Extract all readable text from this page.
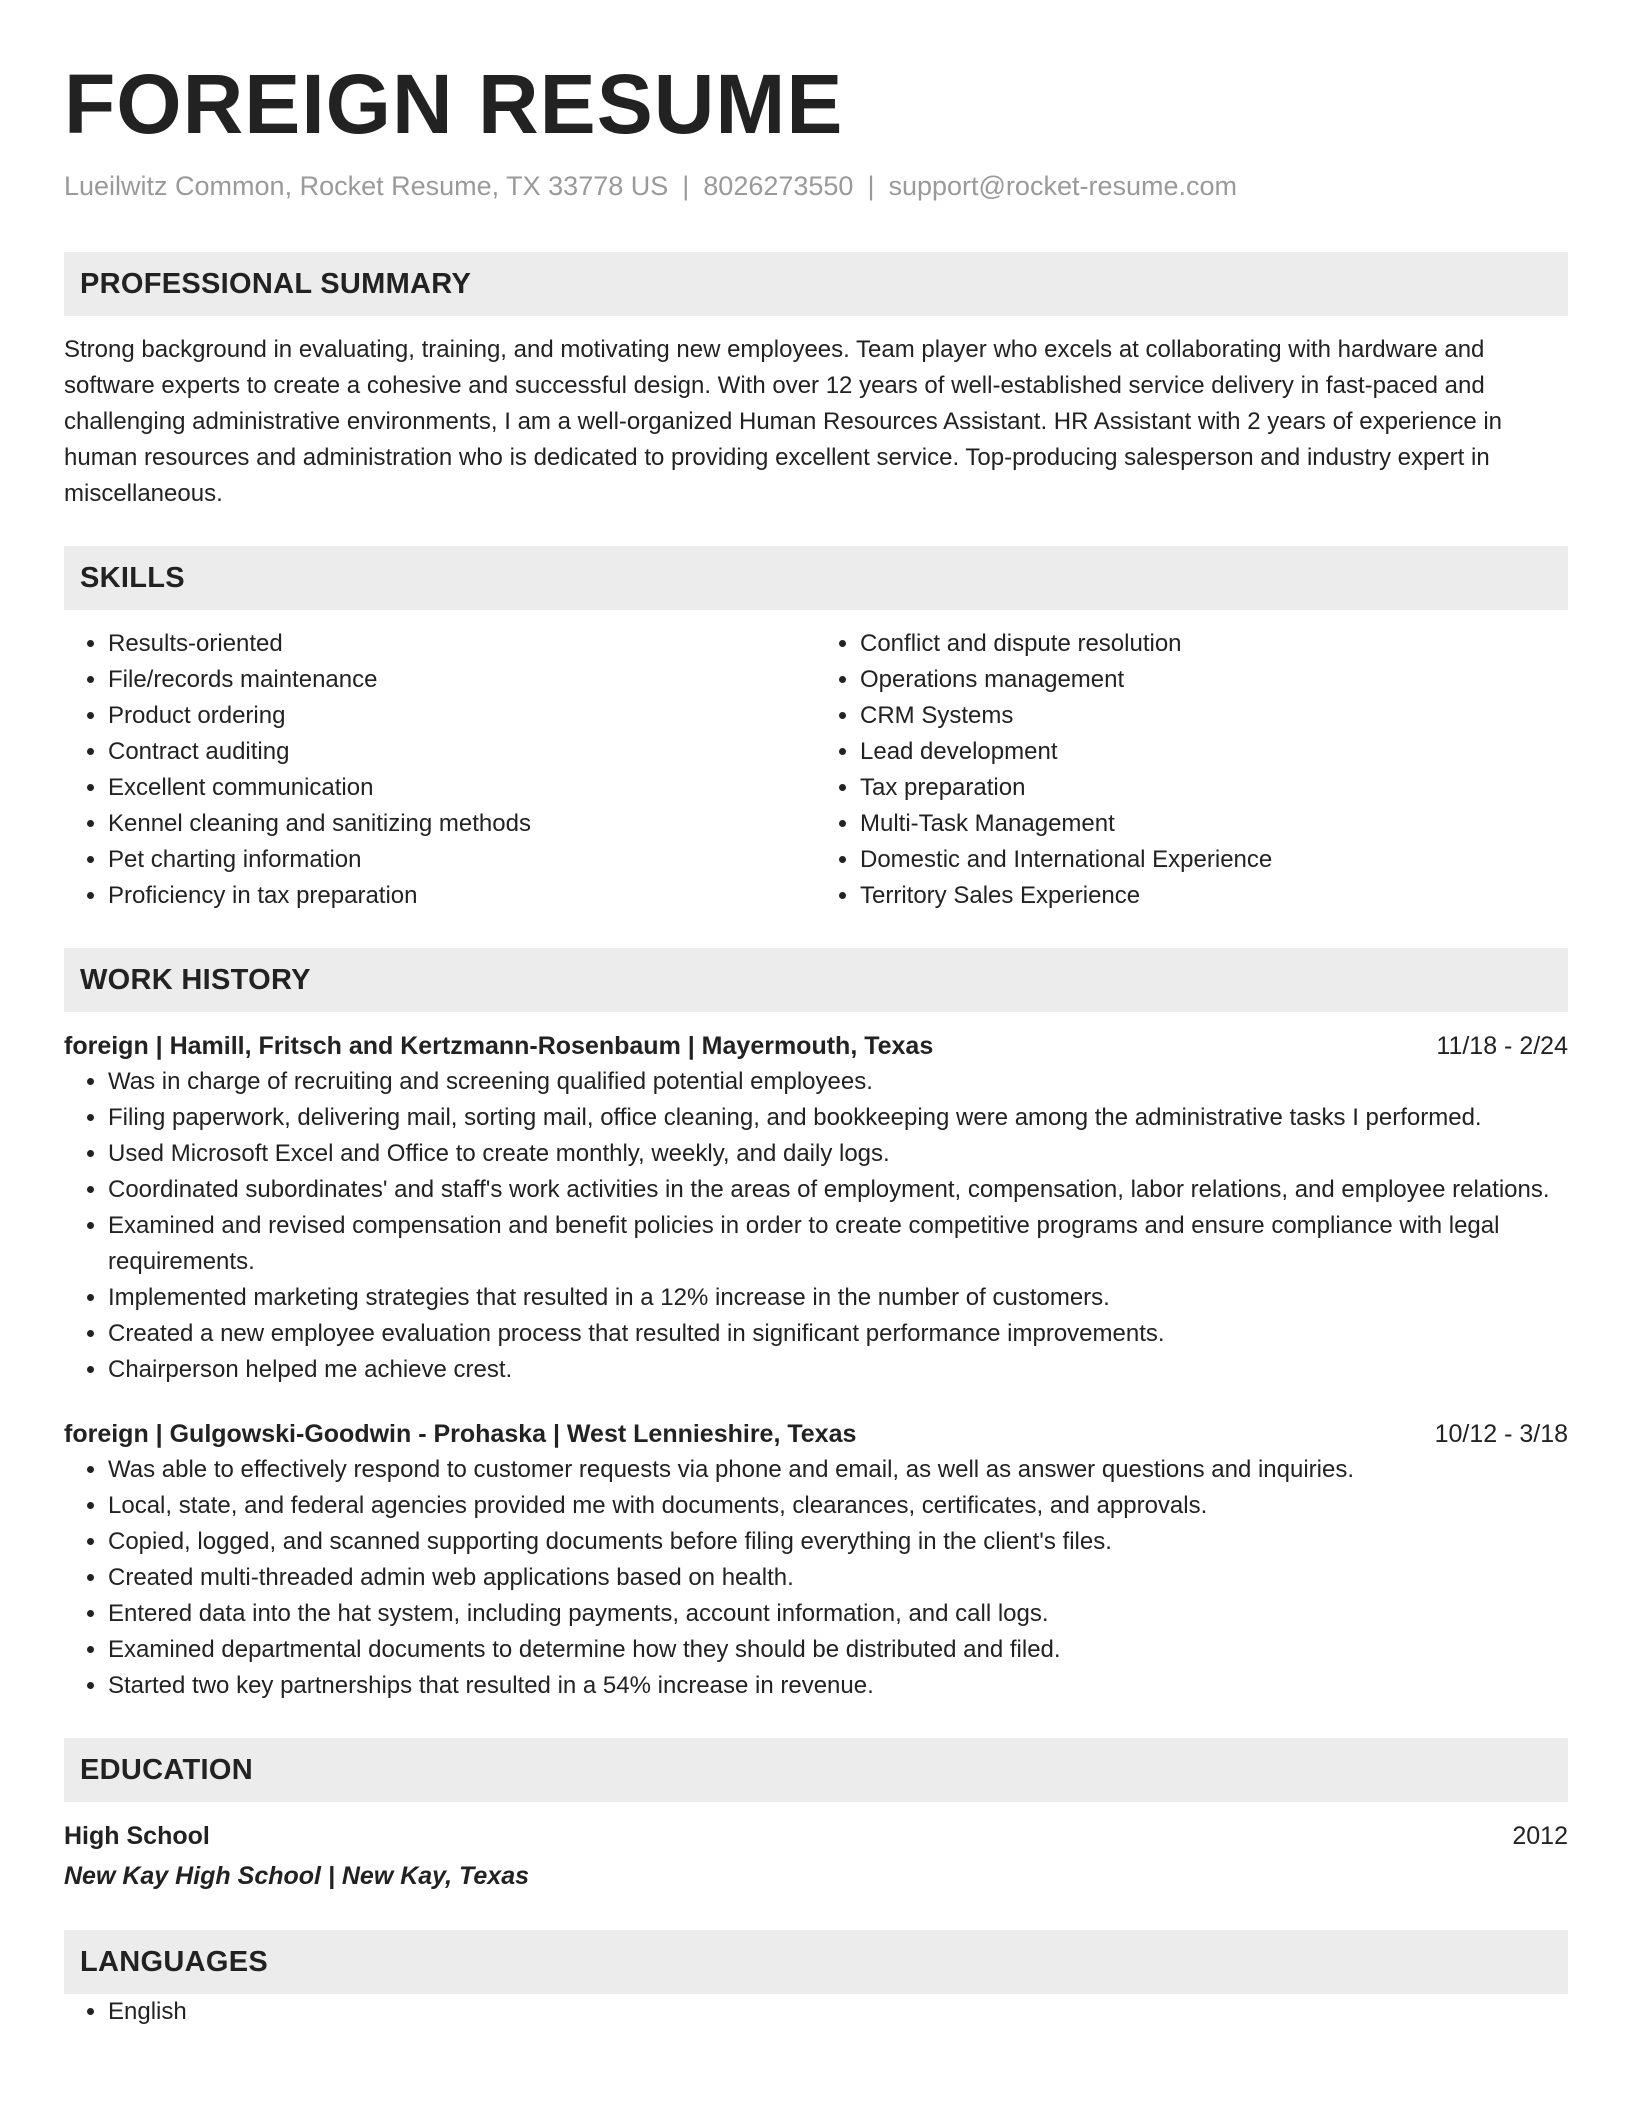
FOREIGN RESUME
Lueilwitz Common, Rocket Resume, TX 33778 US | 8026273550 | support@rocket-resume.com
PROFESSIONAL SUMMARY

Strong background in evaluating, training, and motivating new employees. Team player who excels at collaborating with hardware and software experts to create a cohesive and successful design. With over 12 years of well-established service delivery in fast-paced and challenging administrative environments, I am a well-organized Human Resources Assistant. HR Assistant with 2 years of experience in human resources and administration who is dedicated to providing excellent service. Top-producing salesperson and industry expert in miscellaneous.

SKILLS
• Results-oriented
• File/records maintenance
• Product ordering
• Contract auditing
• Excellent communication
• Kennel cleaning and sanitizing methods
• Pet charting information
• Proficiency in tax preparation
• Conflict and dispute resolution
• Operations management
• CRM Systems
• Lead development
• Tax preparation
• Multi-Task Management
• Domestic and International Experience
• Territory Sales Experience
WORK HISTORY
foreign | Hamill, Fritsch and Kertzmann-Rosenbaum | Mayermouth, Texas	11/18 - 2/24
• Was in charge of recruiting and screening qualified potential employees.
• Filing paperwork, delivering mail, sorting mail, office cleaning, and bookkeeping were among the administrative tasks I performed.
• Used Microsoft Excel and Office to create monthly, weekly, and daily logs.
• Coordinated subordinates' and staff's work activities in the areas of employment, compensation, labor relations, and employee relations.
• Examined and revised compensation and benefit policies in order to create competitive programs and ensure compliance with legal requirements.
• Implemented marketing strategies that resulted in a 12% increase in the number of customers.
• Created a new employee evaluation process that resulted in significant performance improvements.
• Chairperson helped me achieve crest.
foreign | Gulgowski-Goodwin - Prohaska | West Lennieshire, Texas	10/12 - 3/18
• Was able to effectively respond to customer requests via phone and email, as well as answer questions and inquiries.
• Local, state, and federal agencies provided me with documents, clearances, certificates, and approvals.
• Copied, logged, and scanned supporting documents before filing everything in the client's files.
• Created multi-threaded admin web applications based on health.
• Entered data into the hat system, including payments, account information, and call logs.
• Examined departmental documents to determine how they should be distributed and filed.
• Started two key partnerships that resulted in a 54% increase in revenue.
EDUCATION
High School	2012
New Kay High School | New Kay, Texas
LANGUAGES
• English
